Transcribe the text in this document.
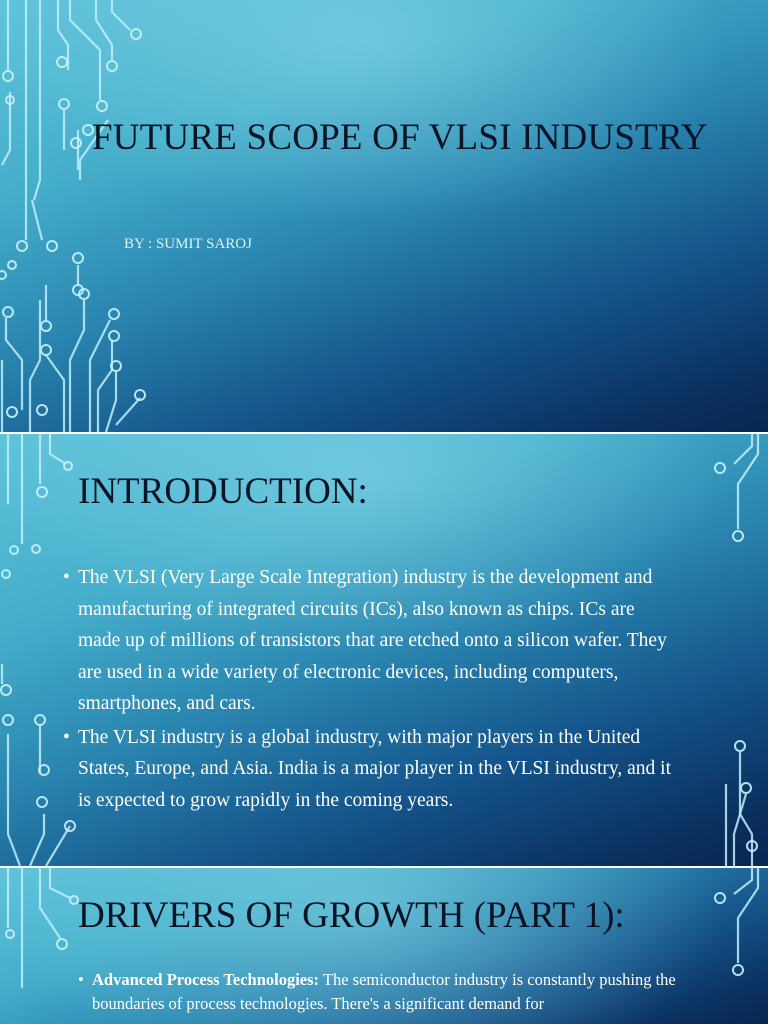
FUTURE SCOPE OF VLSI INDUSTRY

BY : SUMIT SAROJ

INTRODUCTION:
• The VLSI (Very Large Scale Integration) industry is the development and manufacturing of integrated circuits (ICs), also known as chips. ICs are made up of millions of transistors that are etched onto a silicon wafer. They are used in a wide variety of electronic devices, including computers, smartphones, and cars.
• The VLSI industry is a global industry, with major players in the United States, Europe, and Asia. India is a major player in the VLSI industry, and it is expected to grow rapidly in the coming years.
DRIVERS OF GROWTH (PART 1):
• Advanced Process Technologies: The semiconductor industry is constantly pushing the boundaries of process technologies. There's a significant demand for
